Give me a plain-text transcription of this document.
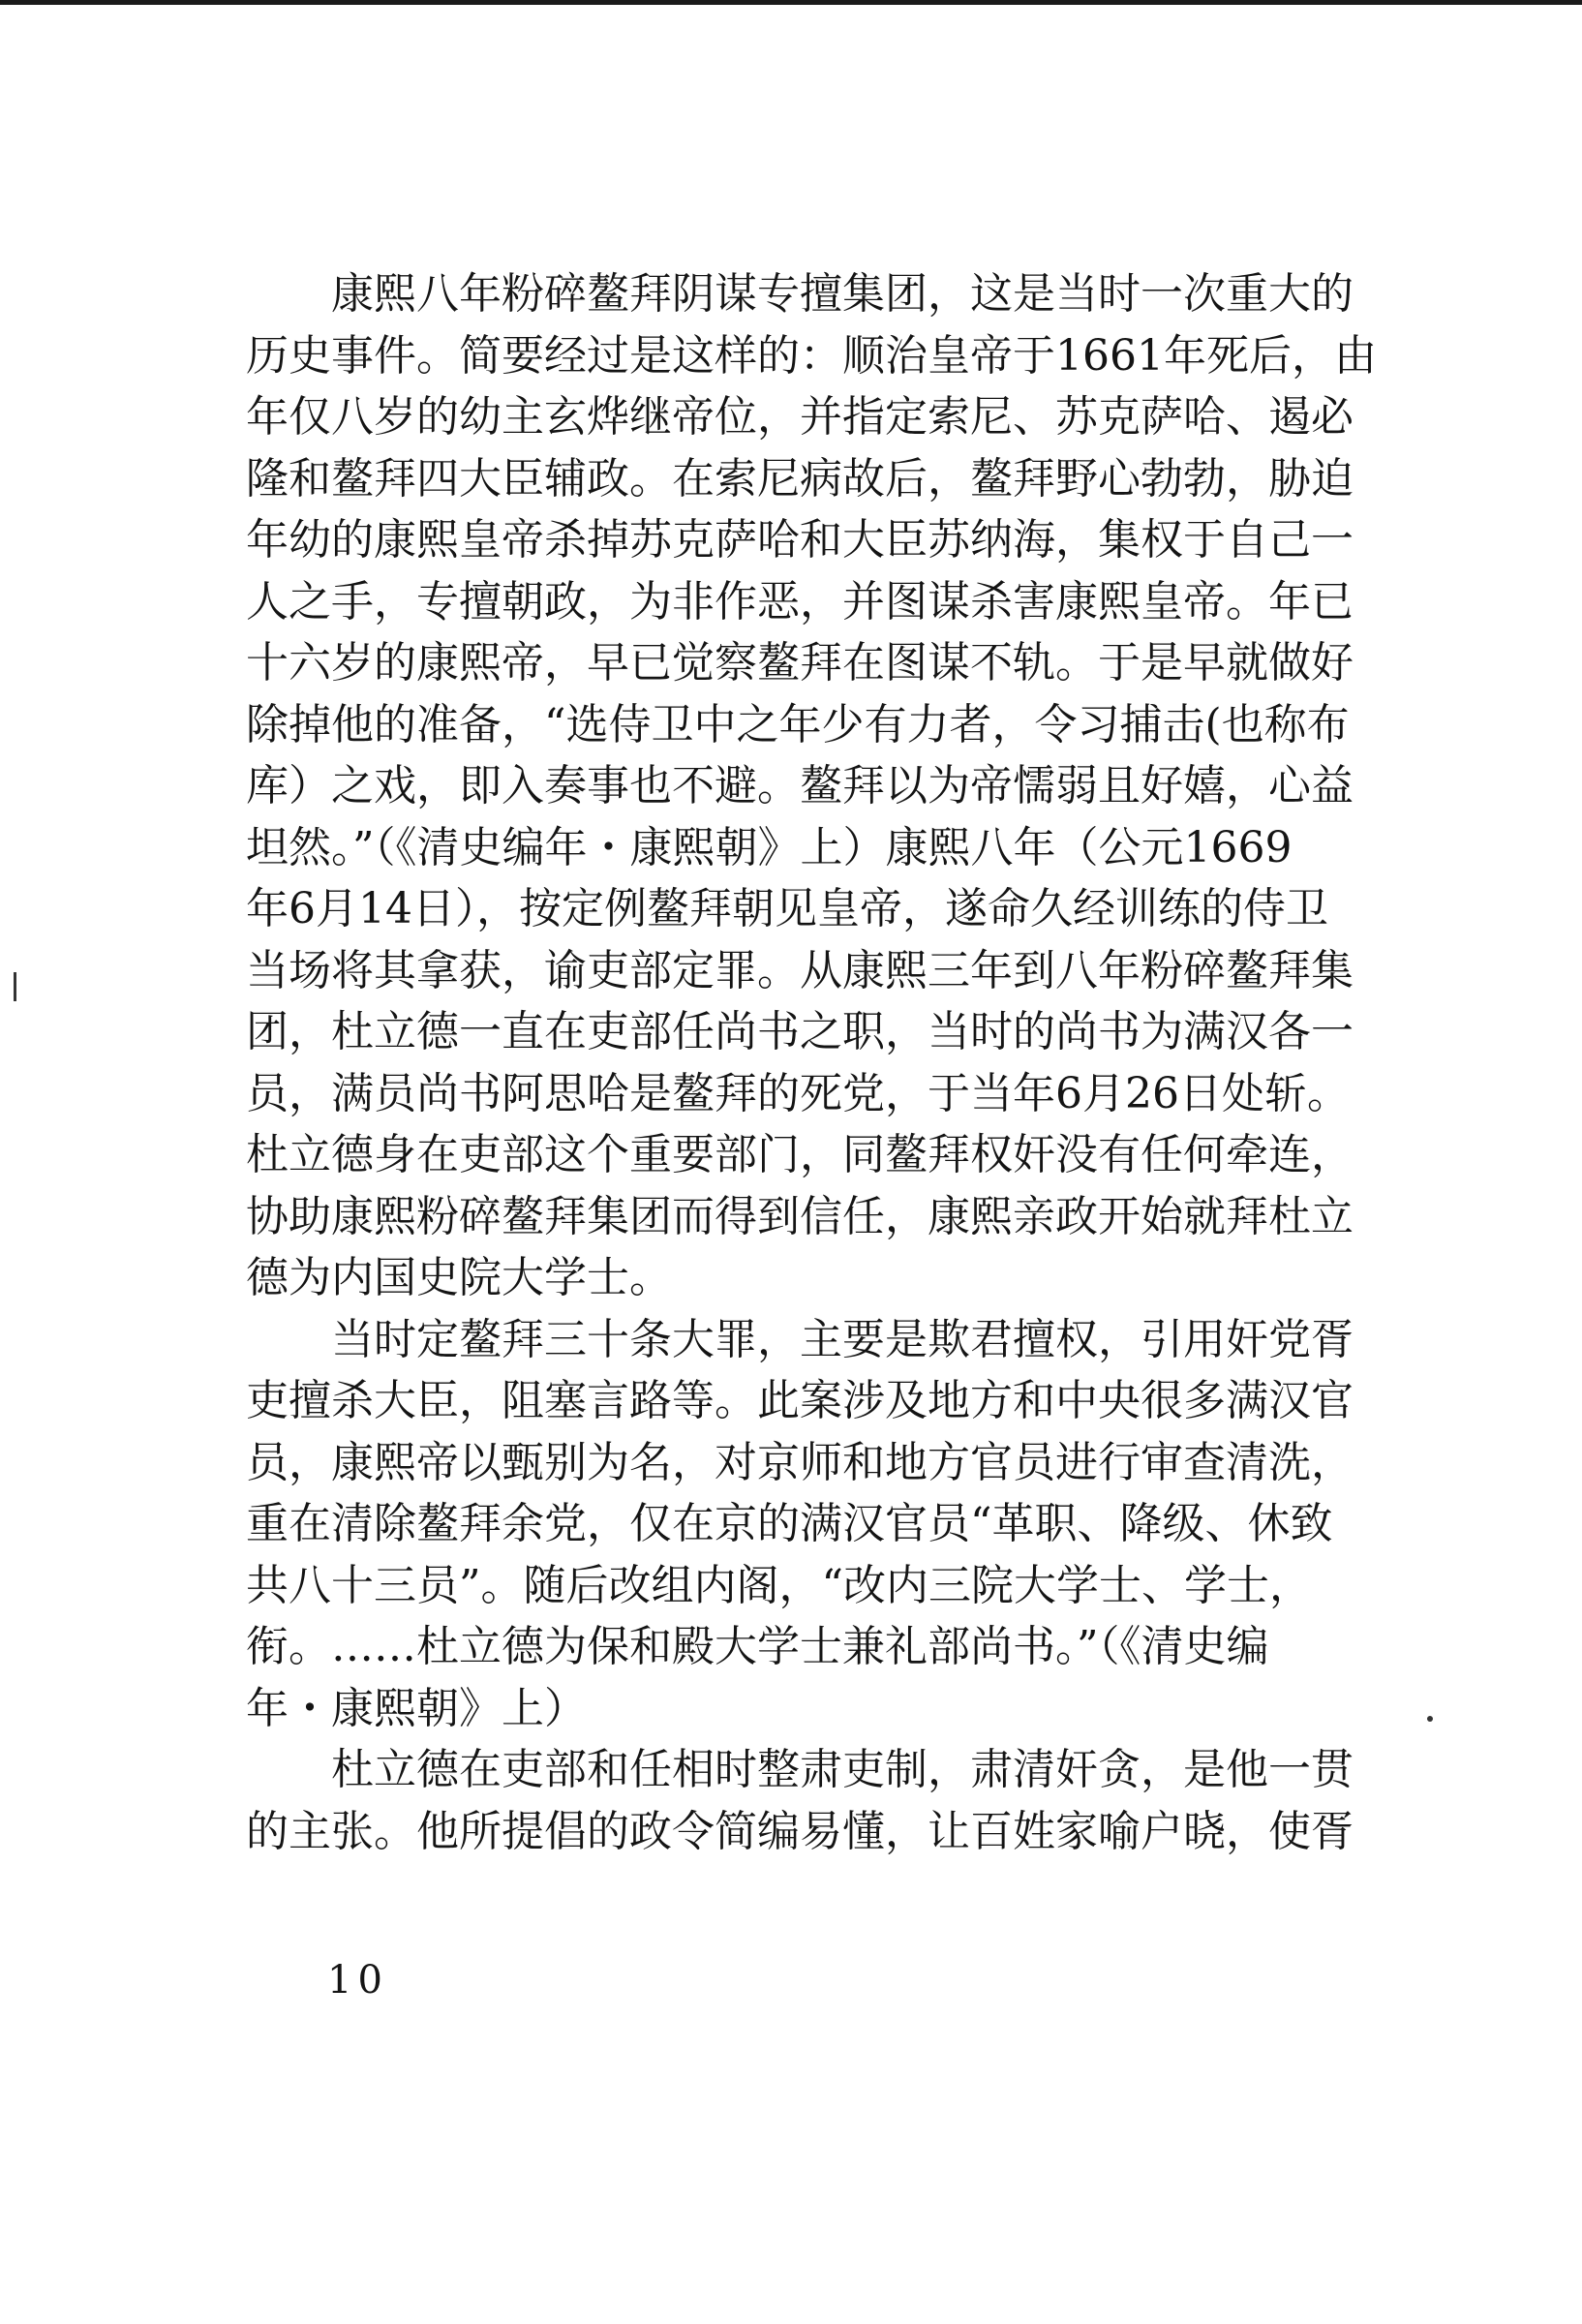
康熙八年粉碎鳌拜阴谋专擅集团，这是当时一次重大的
历史事件。简要经过是这样的：顺治皇帝于1661年死后，由
年仅八岁的幼主玄烨继帝位，并指定索尼、苏克萨哈、遏必
隆和鳌拜四大臣辅政。在索尼病故后，鳌拜野心勃勃，胁迫
年幼的康熙皇帝杀掉苏克萨哈和大臣苏纳海，集权于自己一
人之手，专擅朝政，为非作恶，并图谋杀害康熙皇帝。年已
十六岁的康熙帝，早已觉察鳌拜在图谋不轨。于是早就做好
除掉他的准备，“选侍卫中之年少有力者，令习捕击(也称布
库）之戏，即入奏事也不避。鳌拜以为帝懦弱且好嬉，心益
坦然。”（《清史编年・康熙朝》上）康熙八年（公元1669
年6月14日），按定例鳌拜朝见皇帝，遂命久经训练的侍卫
当场将其拿获，谕吏部定罪。从康熙三年到八年粉碎鳌拜集
团，杜立德一直在吏部任尚书之职，当时的尚书为满汉各一
员，满员尚书阿思哈是鳌拜的死党，于当年6月26日处斩。
杜立德身在吏部这个重要部门，同鳌拜权奸没有任何牵连，
协助康熙粉碎鳌拜集团而得到信任，康熙亲政开始就拜杜立
德为内国史院大学士。
当时定鳌拜三十条大罪，主要是欺君擅权，引用奸党胥
吏擅杀大臣，阻塞言路等。此案涉及地方和中央很多满汉官
员，康熙帝以甄别为名，对京师和地方官员进行审查清洗，
重在清除鳌拜余党，仅在京的满汉官员“革职、降级、休致
共八十三员”。随后改组内阁，“改内三院大学士、学士，
衔。……杜立德为保和殿大学士兼礼部尚书。”（《清史编
年・康熙朝》上）
杜立德在吏部和任相时整肃吏制，肃清奸贪，是他一贯
的主张。他所提倡的政令简编易懂，让百姓家喻户晓，使胥
10
